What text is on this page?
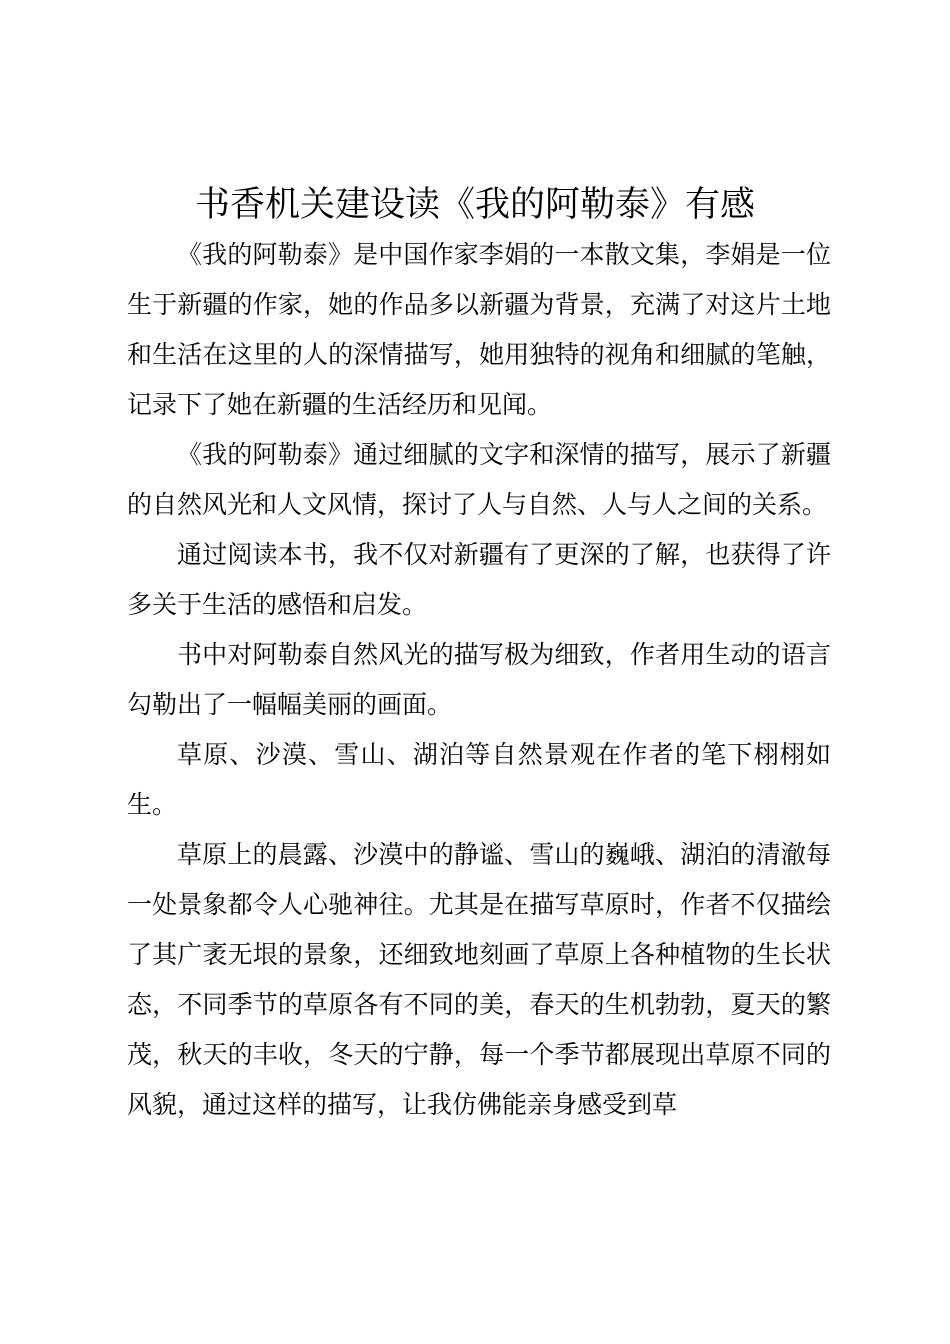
书香机关建设读《我的阿勒泰》有感

《我的阿勒泰》是中国作家李娟的一本散文集，李娟是一位生于新疆的作家，她的作品多以新疆为背景，充满了对这片土地和生活在这里的人的深情描写，她用独特的视角和细腻的笔触，记录下了她在新疆的生活经历和见闻。

《我的阿勒泰》通过细腻的文字和深情的描写，展示了新疆的自然风光和人文风情，探讨了人与自然、人与人之间的关系。

通过阅读本书，我不仅对新疆有了更深的了解，也获得了许多关于生活的感悟和启发。

书中对阿勒泰自然风光的描写极为细致，作者用生动的语言勾勒出了一幅幅美丽的画面。

草原、沙漠、雪山、湖泊等自然景观在作者的笔下栩栩如生。

草原上的晨露、沙漠中的静谧、雪山的巍峨、湖泊的清澈每一处景象都令人心驰神往。尤其是在描写草原时，作者不仅描绘了其广袤无垠的景象，还细致地刻画了草原上各种植物的生长状态，不同季节的草原各有不同的美，春天的生机勃勃，夏天的繁茂，秋天的丰收，冬天的宁静，每一个季节都展现出草原不同的风貌，通过这样的描写，让我仿佛能亲身感受到草
